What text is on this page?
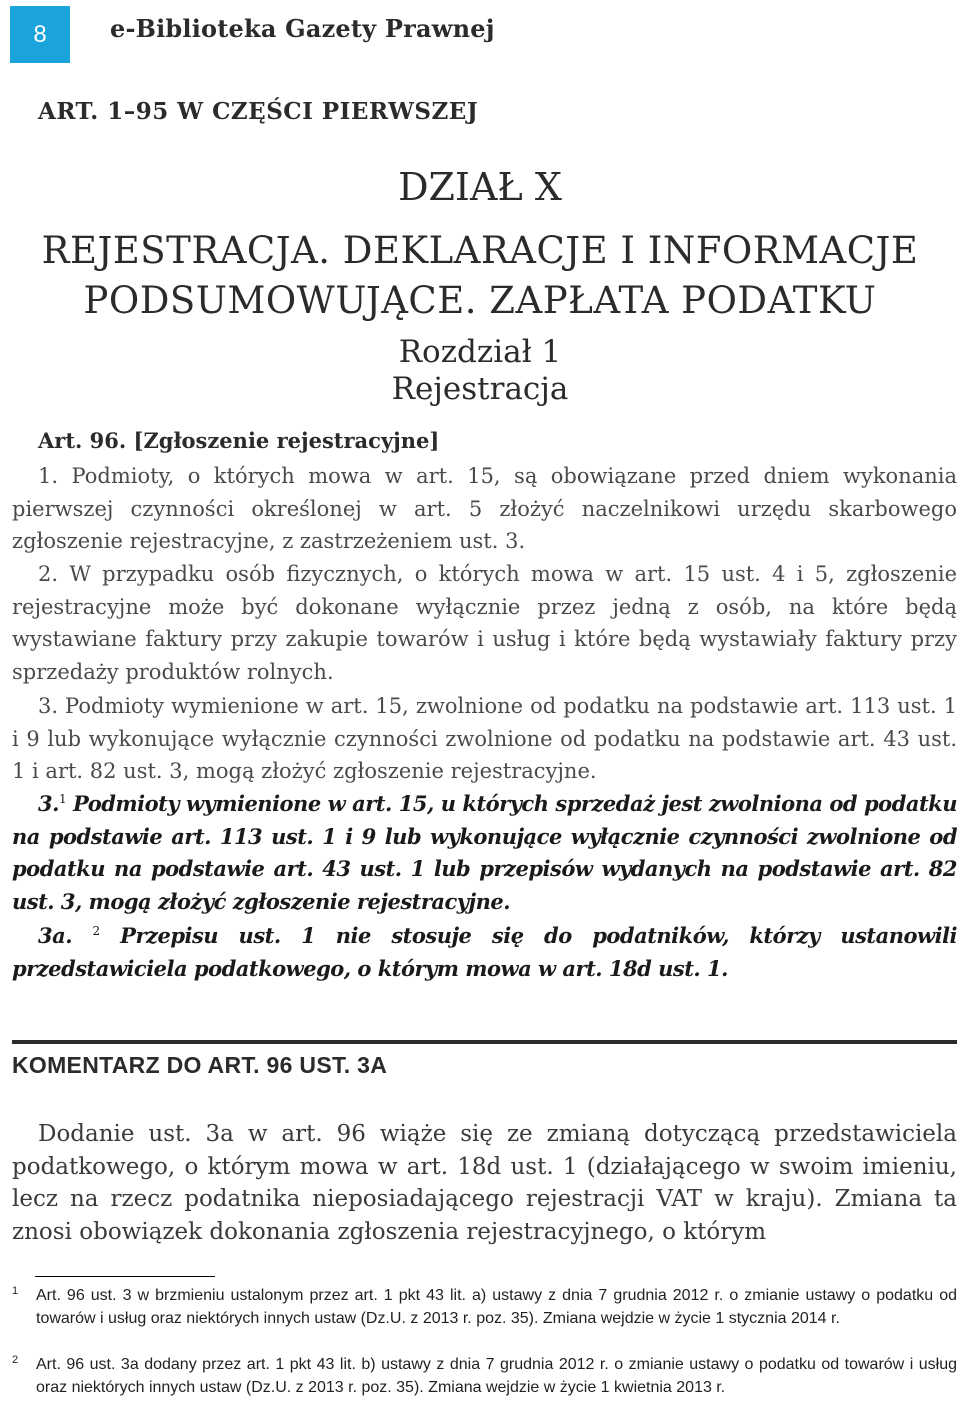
8	e-Biblioteka Gazety Prawnej
ART. 1–95 W CZĘŚCI PIERWSZEJ
DZIAŁ X
REJESTRACJA. DEKLARACJE I INFORMACJE
PODSUMOWUJĄCE. ZAPŁATA PODATKU
Rozdział 1
Rejestracja
Art. 96. [Zgłoszenie rejestracyjne]

1. Podmioty, o których mowa w art. 15, są obowiązane przed dniem wykonania pierwszej czynności określonej w art. 5 złożyć naczelnikowi urzędu skarbowego zgłoszenie rejestracyjne, z zastrzeżeniem ust. 3.

2. W przypadku osób fizycznych, o których mowa w art. 15 ust. 4 i 5, zgłoszenie rejestracyjne może być dokonane wyłącznie przez jedną z osób, na które będą wystawiane faktury przy zakupie towarów i usług i które będą wystawiały faktury przy sprzedaży produktów rolnych.

3. Podmioty wymienione w art. 15, zwolnione od podatku na podstawie art. 113 ust. 1 i 9 lub wykonujące wyłącznie czynności zwolnione od podatku na podstawie art. 43 ust. 1 i art. 82 ust. 3, mogą złożyć zgłoszenie rejestracyjne.

3.$^1$ Podmioty wymienione w art. 15, u których sprzedaż jest zwolniona od podatku na podstawie art. 113 ust. 1 i 9 lub wykonujące wyłącznie czynności zwolnione od podatku na podstawie art. 43 ust. 1 lub przepisów wydanych na podstawie art. 82 ust. 3, mogą złożyć zgłoszenie rejestracyjne.

3a. $^2$ Przepisu ust. 1 nie stosuje się do podatników, którzy ustanowili przedstawiciela podatkowego, o którym mowa w art. 18d ust. 1.

KOMENTARZ DO ART. 96 UST. 3A

Dodanie ust. 3a w art. 96 wiąże się ze zmianą dotyczącą przedstawiciela podatkowego, o którym mowa w art. 18d ust. 1 (działającego w swoim imieniu, lecz na rzecz podatnika nieposiadającego rejestracji VAT w kraju). Zmiana ta znosi obowiązek dokonania zgłoszenia rejestracyjnego, o którym

1 Art. 96 ust. 3 w brzmieniu ustalonym przez art. 1 pkt 43 lit. a) ustawy z dnia 7 grudnia 2012 r. o zmianie ustawy o podatku od towarów i usług oraz niektórych innych ustaw (Dz.U. z 2013 r. poz. 35). Zmiana wejdzie w życie 1 stycznia 2014 r.
2 Art. 96 ust. 3a dodany przez art. 1 pkt 43 lit. b) ustawy z dnia 7 grudnia 2012 r. o zmianie ustawy o podatku od towarów i usług oraz niektórych innych ustaw (Dz.U. z 2013 r. poz. 35). Zmiana wejdzie w życie 1 kwietnia 2013 r.
